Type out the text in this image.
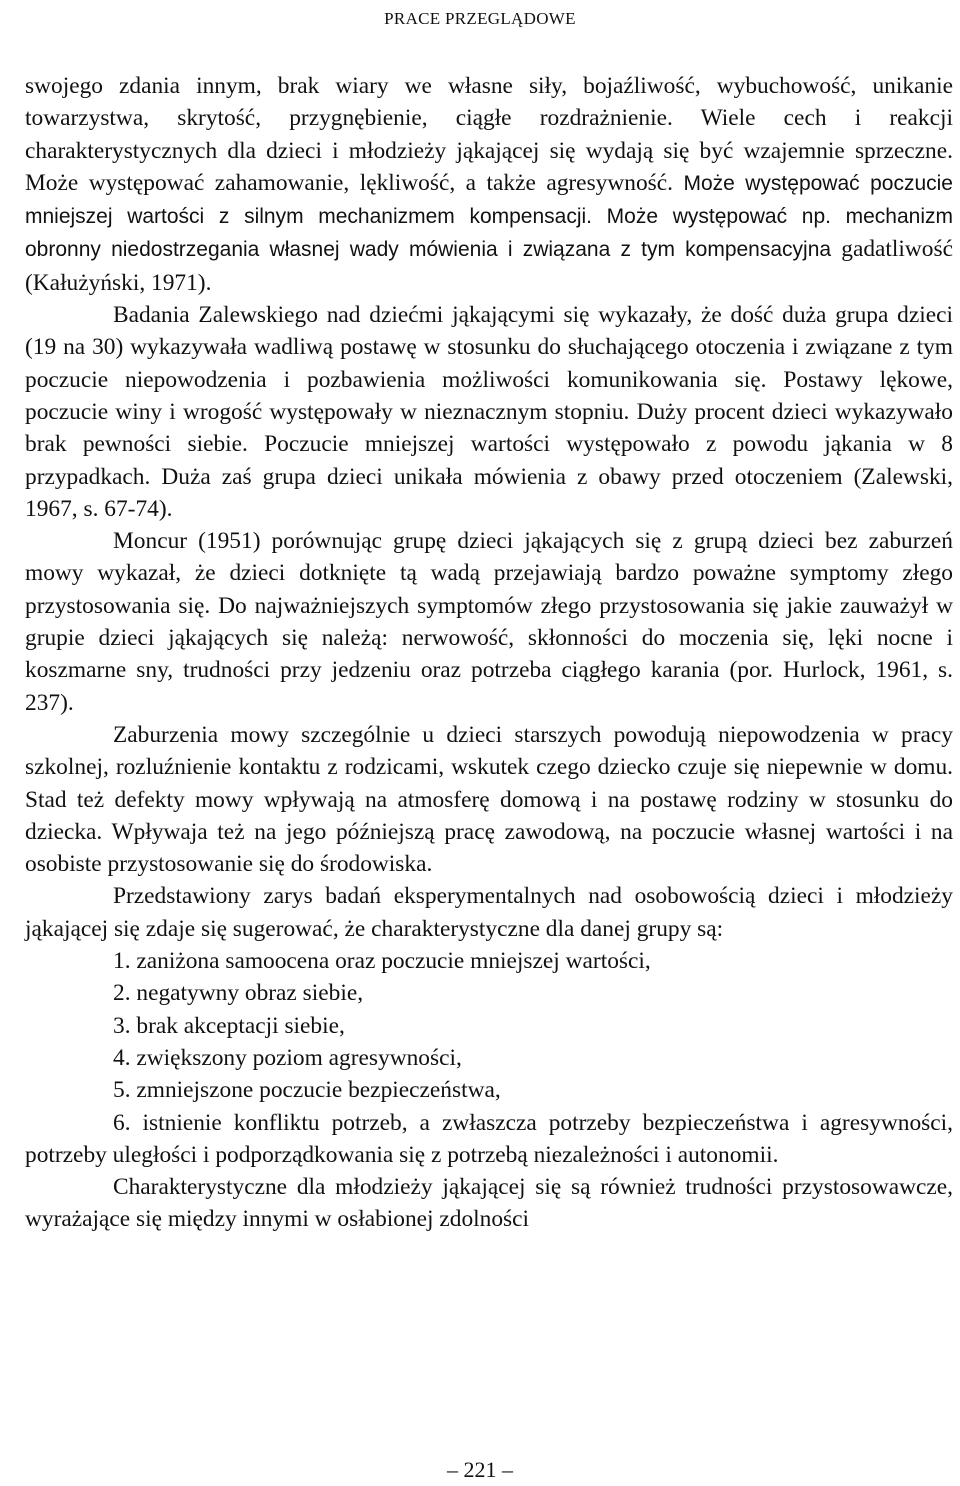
PRACE PRZEGLĄDOWE

swojego zdania innym, brak wiary we własne siły, bojaźliwość, wybuchowość, unikanie towarzystwa, skrytość, przygnębienie, ciągłe rozdrażnienie. Wiele cech i reakcji charakterystycznych dla dzieci i młodzieży jąkającej się wydają się być wzajemnie sprzeczne. Może występować zahamowanie, lękliwość, a także agresywność. Może występować poczucie mniejszej wartości z silnym mechanizmem kompensacji. Może występować np. mechanizm obronny niedostrzegania własnej wady mówienia i związana z tym kompensacyjna gadatliwość (Kałużyński, 1971).

Badania Zalewskiego nad dziećmi jąkającymi się wykazały, że dość duża grupa dzieci (19 na 30) wykazywała wadliwą postawę w stosunku do słuchającego otoczenia i związane z tym poczucie niepowodzenia i pozbawienia możliwości komunikowania się. Postawy lękowe, poczucie winy i wrogość występowały w nieznacznym stopniu. Duży procent dzieci wykazywało brak pewności siebie. Poczucie mniejszej wartości występowało z powodu jąkania w 8 przypadkach. Duża zaś grupa dzieci unikała mówienia z obawy przed otoczeniem (Zalewski, 1967, s. 67-74).

Moncur (1951) porównując grupę dzieci jąkających się z grupą dzieci bez zaburzeń mowy wykazał, że dzieci dotknięte tą wadą przejawiają bardzo poważne symptomy złego przystosowania się. Do najważniejszych symptomów złego przystosowania się jakie zauważył w grupie dzieci jąkających się należą: nerwowość, skłonności do moczenia się, lęki nocne i koszmarne sny, trudności przy jedzeniu oraz potrzeba ciągłego karania (por. Hurlock, 1961, s. 237).

Zaburzenia mowy szczególnie u dzieci starszych powodują niepowodzenia w pracy szkolnej, rozluźnienie kontaktu z rodzicami, wskutek czego dziecko czuje się niepewnie w domu. Stad też defekty mowy wpływają na atmosferę domową i na postawę rodziny w stosunku do dziecka. Wpływaja też na jego późniejszą pracę zawodową, na poczucie własnej wartości i na osobiste przystosowanie się do środowiska.

Przedstawiony zarys badań eksperymentalnych nad osobowością dzieci i młodzieży jąkającej się zdaje się sugerować, że charakterystyczne dla danej grupy są:

1. zaniżona samoocena oraz poczucie mniejszej wartości,

2. negatywny obraz siebie,

3. brak akceptacji siebie,

4. zwiększony poziom agresywności,

5. zmniejszone poczucie bezpieczeństwa,

6. istnienie konfliktu potrzeb, a zwłaszcza potrzeby bezpieczeństwa i agresywności, potrzeby uległości i podporządkowania się z potrzebą niezależności i autonomii.

Charakterystyczne dla młodzieży jąkającej się są również trudności przystosowawcze, wyrażające się między innymi w osłabionej zdolności

– 221 –
